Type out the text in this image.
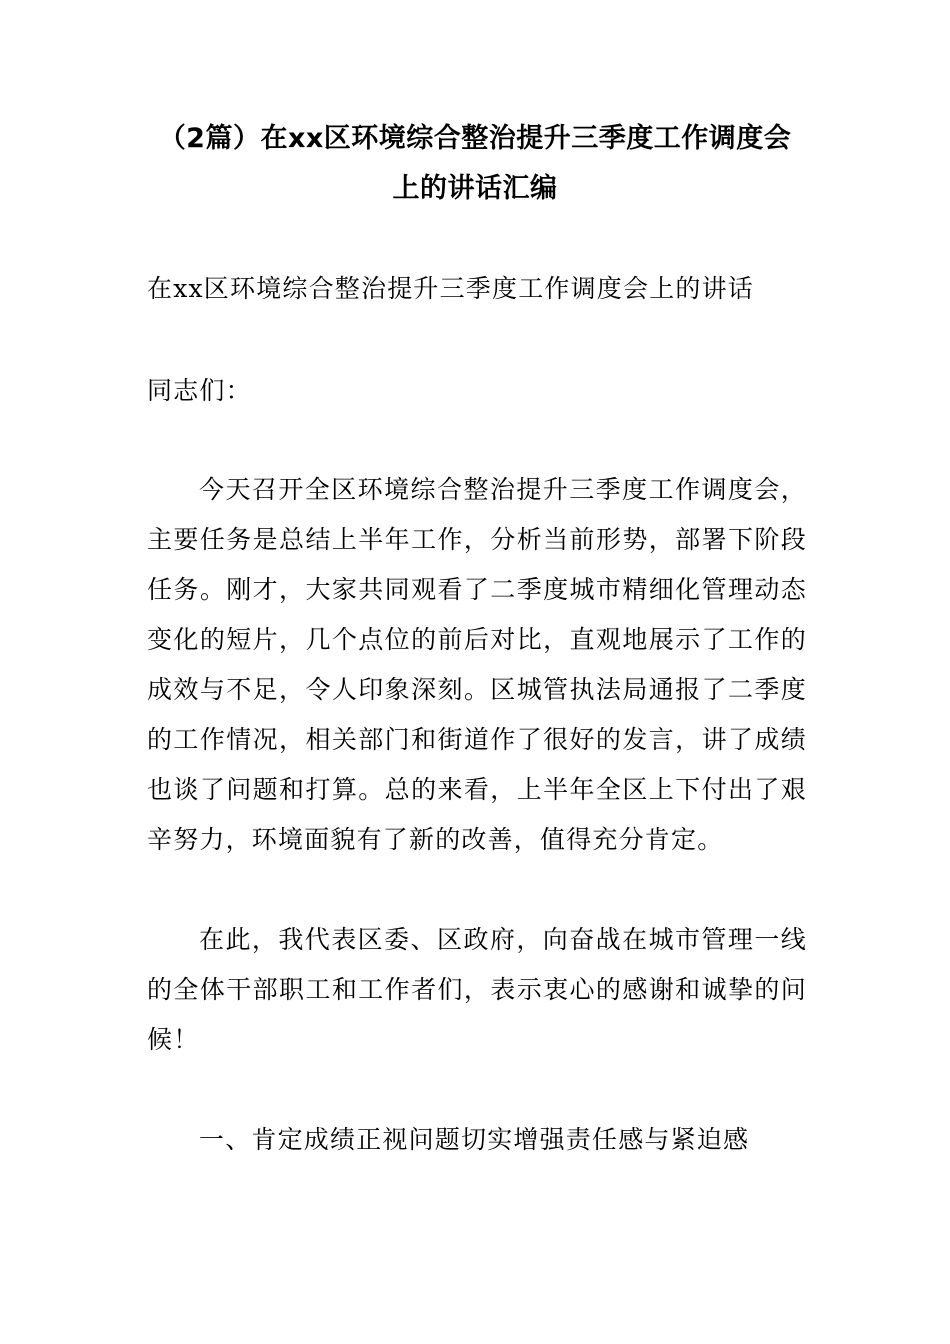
（2篇）在xx区环境综合整治提升三季度工作调度会
上的讲话汇编

在xx区环境综合整治提升三季度工作调度会上的讲话

同志们：

今天召开全区环境综合整治提升三季度工作调度会，主要任务是总结上半年工作，分析当前形势，部署下阶段任务。刚才，大家共同观看了二季度城市精细化管理动态变化的短片，几个点位的前后对比，直观地展示了工作的成效与不足，令人印象深刻。区城管执法局通报了二季度的工作情况，相关部门和街道作了很好的发言，讲了成绩也谈了问题和打算。总的来看，上半年全区上下付出了艰辛努力，环境面貌有了新的改善，值得充分肯定。

在此，我代表区委、区政府，向奋战在城市管理一线的全体干部职工和工作者们，表示衷心的感谢和诚挚的问候！

一、肯定成绩正视问题切实增强责任感与紧迫感
